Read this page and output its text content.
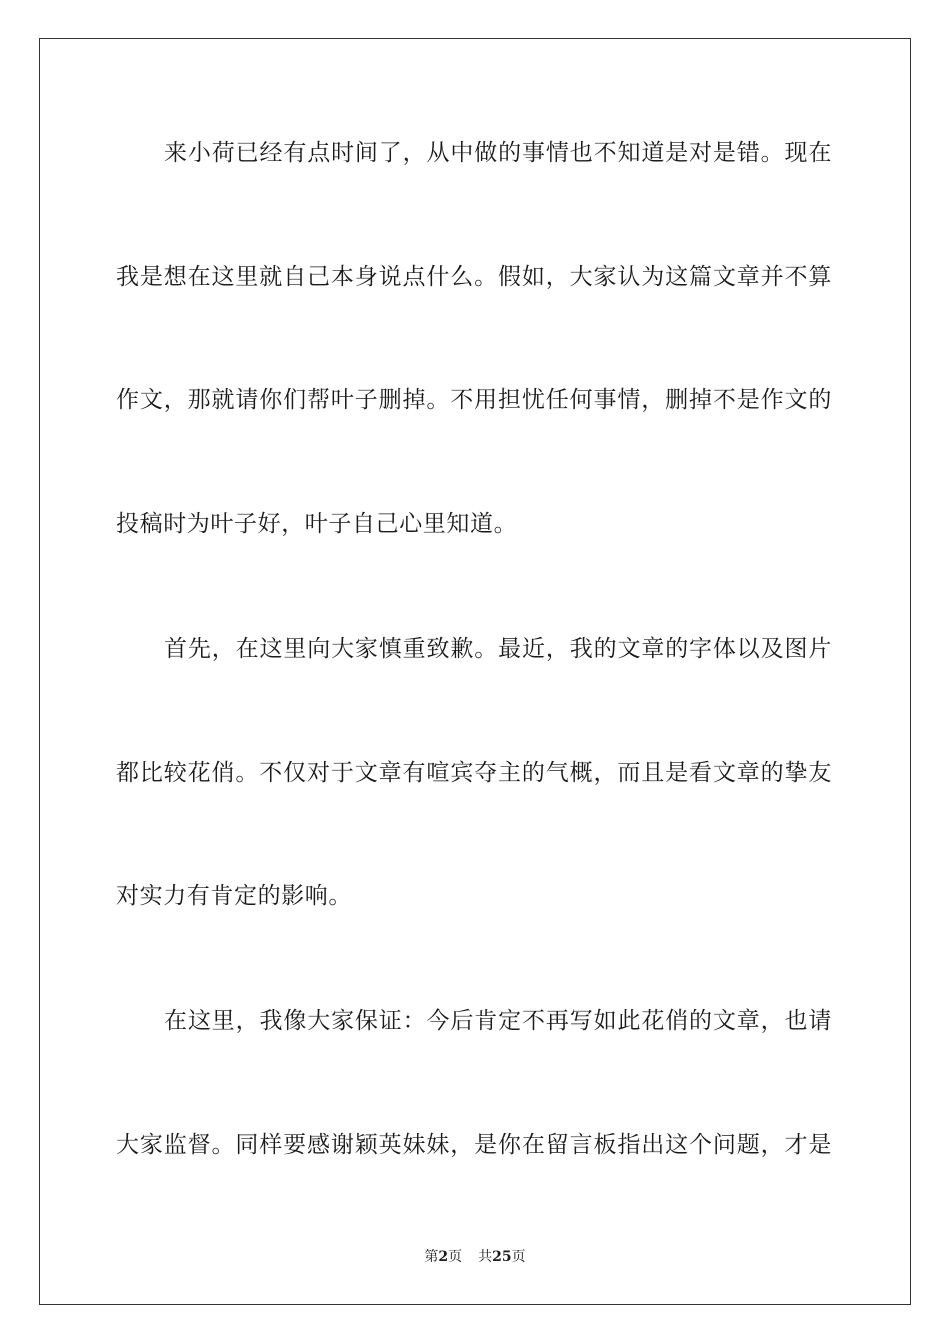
来小荷已经有点时间了，从中做的事情也不知道是对是错。现在
我是想在这里就自己本身说点什么。假如，大家认为这篇文章并不算
作文，那就请你们帮叶子删掉。不用担忧任何事情，删掉不是作文的
投稿时为叶子好，叶子自己心里知道。
首先，在这里向大家慎重致歉。最近，我的文章的字体以及图片
都比较花俏。不仅对于文章有喧宾夺主的气概，而且是看文章的挚友
对实力有肯定的影响。
在这里，我像大家保证：今后肯定不再写如此花俏的文章，也请
大家监督。同样要感谢颖英妹妹，是你在留言板指出这个问题，才是
第2页 共25页
